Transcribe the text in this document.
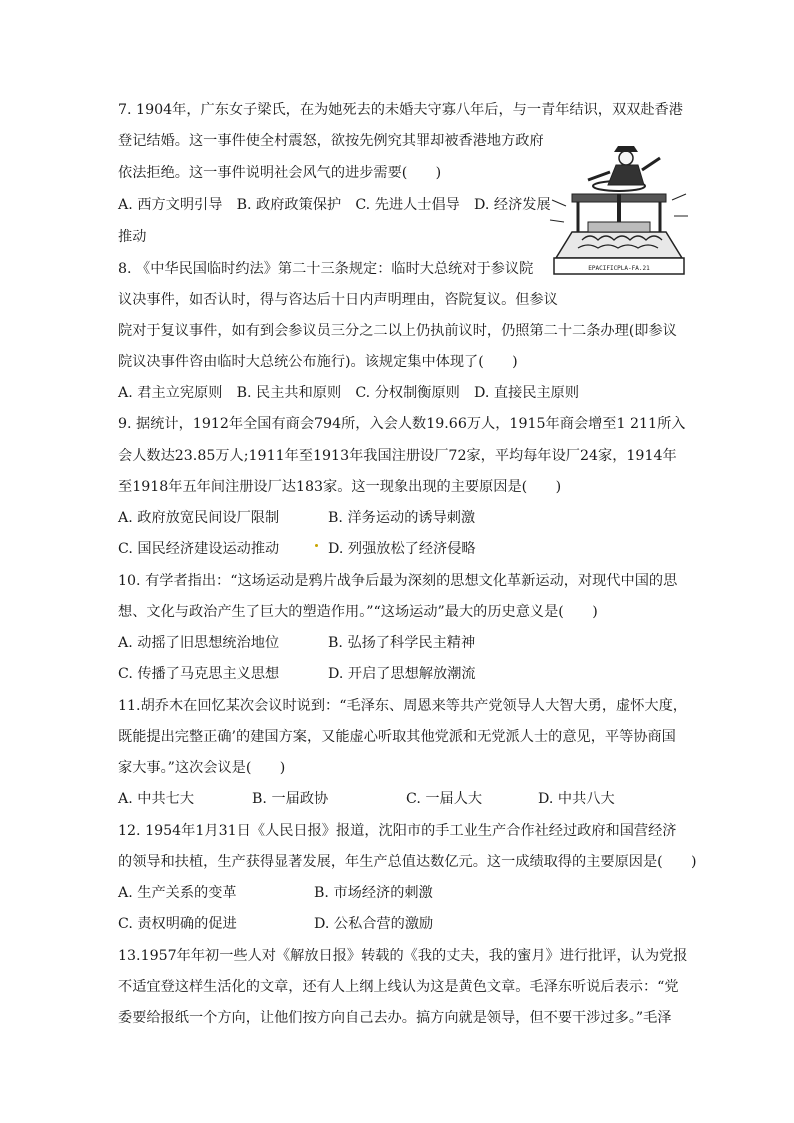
7. 1904年，广东女子梁氏，在为她死去的未婚夫守寡八年后，与一青年结识，双双赴香港
登记结婚。这一事件使全村震怒，欲按先例究其罪却被香港地方政府
依法拒绝。这一事件说明社会风气的进步需要(　　)
A. 西方文明引导　B. 政府政策保护　C. 先进人士倡导　D. 经济发展
推动
EPACIFICPLA-FA.21
8. 《中华民国临时约法》第二十三条规定：临时大总统对于参议院
议决事件，如否认时，得与咨达后十日内声明理由，咨院复议。但参议
院对于复议事件，如有到会参议员三分之二以上仍执前议时，仍照第二十二条办理(即参议
院议决事件咨由临时大总统公布施行)。该规定集中体现了(　　)
A. 君主立宪原则　B. 民主共和原则　C. 分权制衡原则　D. 直接民主原则
9. 据统计，1912年全国有商会794所，入会人数19.66万人，1915年商会增至1 211所入
会人数达23.85万人;1911年至1913年我国注册设厂72家，平均每年设厂24家，1914年
至1918年五年间注册设厂达183家。这一现象出现的主要原因是(　　)
A. 政府放宽民间设厂限制	B. 洋务运动的诱导刺激
C. 国民经济建设运动推动	D. 列强放松了经济侵略
10. 有学者指出：“这场运动是鸦片战争后最为深刻的思想文化革新运动，对现代中国的思
想、文化与政治产生了巨大的塑造作用。”“这场运动”最大的历史意义是(　　)
A. 动摇了旧思想统治地位	B. 弘扬了科学民主精神
C. 传播了马克思主义思想	D. 开启了思想解放潮流
11.胡乔木在回忆某次会议时说到：“毛泽东、周恩来等共产党领导人大智大勇，虚怀大度，
既能提出完整正确’的建国方案，又能虚心听取其他党派和无党派人士的意见，平等协商国
家大事。”这次会议是(　　)
A. 中共七大	B. 一届政协	C. 一届人大	D. 中共八大
12. 1954年1月31日《人民日报》报道，沈阳市的手工业生产合作社经过政府和国营经济
的领导和扶植，生产获得显著发展，年生产总值达数亿元。这一成绩取得的主要原因是(　　)
A. 生产关系的变革	B. 市场经济的刺激
C. 责权明确的促进	D. 公私合营的激励
13.1957年年初一些人对《解放日报》转载的《我的丈夫，我的蜜月》进行批评，认为党报
不适宜登这样生活化的文章，还有人上纲上线认为这是黄色文章。毛泽东听说后表示：“党
委要给报纸一个方向，让他们按方向自己去办。搞方向就是领导，但不要干涉过多。”毛泽
